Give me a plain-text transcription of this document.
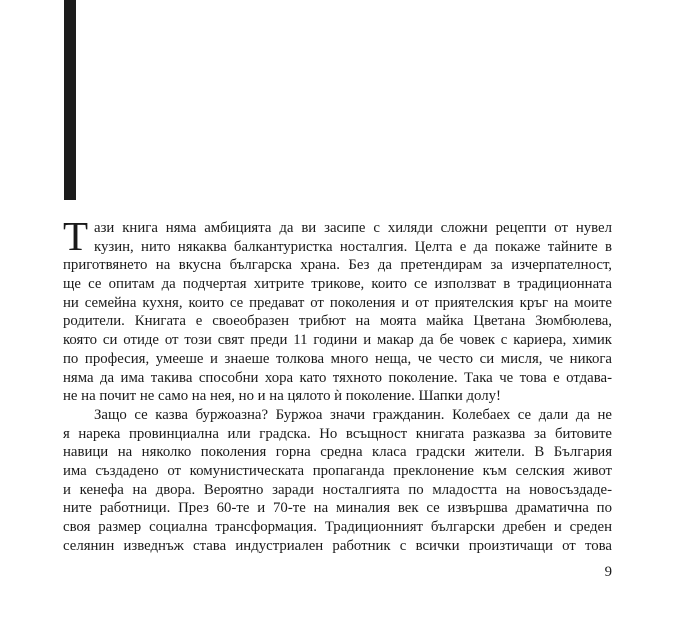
Т ази книга няма амбицията да ви засипе с хиляди сложни рецепти от нувел
кузин, нито някаква балкантуристка носталгия. Целта е да покаже тайните в
приготвянето на вкусна българска храна. Без да претендирам за изчерпателност,
ще се опитам да подчертая хитрите трикове, които се използват в традиционната
ни семейна кухня, които се предават от поколения и от приятелския кръг на моите
родители. Книгата е своеобразен трибют на моята майка Цветана Зюмбюлева,
която си отиде от този свят преди 11 години и макар да бе човек с кариера, химик
по професия, умееше и знаеше толкова много неща, че често си мисля, че никога
няма да има такива способни хора като тяхното поколение. Така че това е отдава-
не на почит не само на нея, но и на цялото ѝ поколение. Шапки долу!
Защо се казва буржоазна? Буржоа значи гражданин. Колебаех се дали да не
я нарека провинциална или градска. Но всъщност книгата разказва за битовите
навици на няколко поколения горна средна класа градски жители. В България
има създадено от комунистическата пропаганда преклонение към селския живот
и кенефа на двора. Вероятно заради носталгията по младостта на новосъздаде-
ните работници. През 60-те и 70-те на миналия век се извършва драматична по
своя размер социална трансформация. Традиционният български дребен и среден
селянин изведнъж става индустриален работник с всички произтичащи от това
9
